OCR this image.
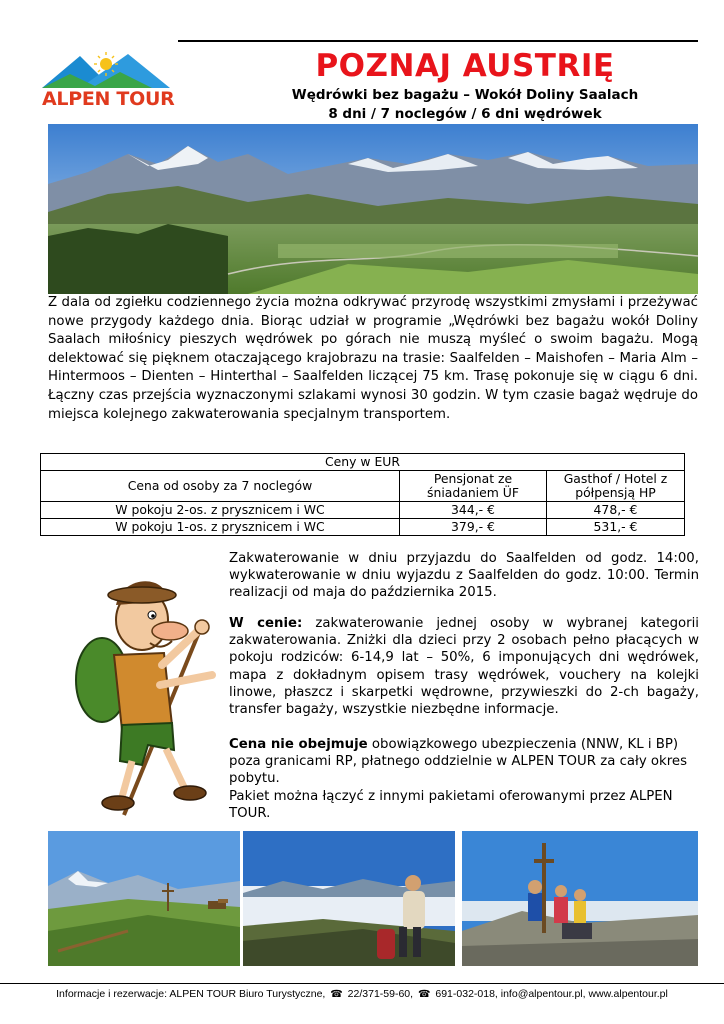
ALPEN TOUR
POZNAJ AUSTRIĘ
Wędrówki bez bagażu – Wokół Doliny Saalach
8 dni / 7 noclegów / 6 dni wędrówek
Z dala od zgiełku codziennego życia można odkrywać przyrodę wszystkimi zmysłami i przeżywać nowe przygody każdego dnia. Biorąc udział w programie „Wędrówki bez bagażu wokół Doliny Saalach miłośnicy pieszych wędrówek po górach nie muszą myśleć o swoim bagażu. Mogą delektować się pięknem otaczającego krajobrazu na trasie: Saalfelden – Maishofen – Maria Alm – Hintermoos – Dienten – Hinterthal – Saalfelden liczącej 75 km. Trasę pokonuje się w ciągu 6 dni. Łączny czas przejścia wyznaczonymi szlakami wynosi 30 godzin. W tym czasie bagaż wędruje do miejsca kolejnego zakwaterowania specjalnym transportem.
Ceny w EUR		
Cena od osoby za 7 noclegów	Pensjonat ze śniadaniem ÜF	Gasthof / Hotel z półpensją HP
W pokoju 2-os. z prysznicem i WC	344,- €	478,- €
W pokoju 1-os. z prysznicem i WC	379,- €	531,- €
Zakwaterowanie w dniu przyjazdu do Saalfelden od godz. 14:00, wykwaterowanie w dniu wyjazdu z Saalfelden do godz. 10:00. Termin realizacji od maja do października 2015.
W cenie: zakwaterowanie jednej osoby w wybranej kategorii zakwaterowania. Zniżki dla dzieci przy 2 osobach pełno płacących w pokoju rodziców: 6-14,9 lat – 50%, 6 imponujących dni wędrówek, mapa z dokładnym opisem trasy wędrówek, vouchery na kolejki linowe, płaszcz i skarpetki wędrowne, przywieszki do 2-ch bagaży, transfer bagaży, wszystkie niezbędne informacje.

Cena nie obejmuje obowiązkowego ubezpieczenia (NNW, KL i BP) poza granicami RP, płatnego oddzielnie w ALPEN TOUR za cały okres pobytu.

Pakiet można łączyć z innymi pakietami oferowanymi przez ALPEN TOUR.

Informacje i rezerwacje: ALPEN TOUR Biuro Turystyczne, ☎ 22/371-59-60, ☎ 691-032-018, info@alpentour.pl, www.alpentour.pl
